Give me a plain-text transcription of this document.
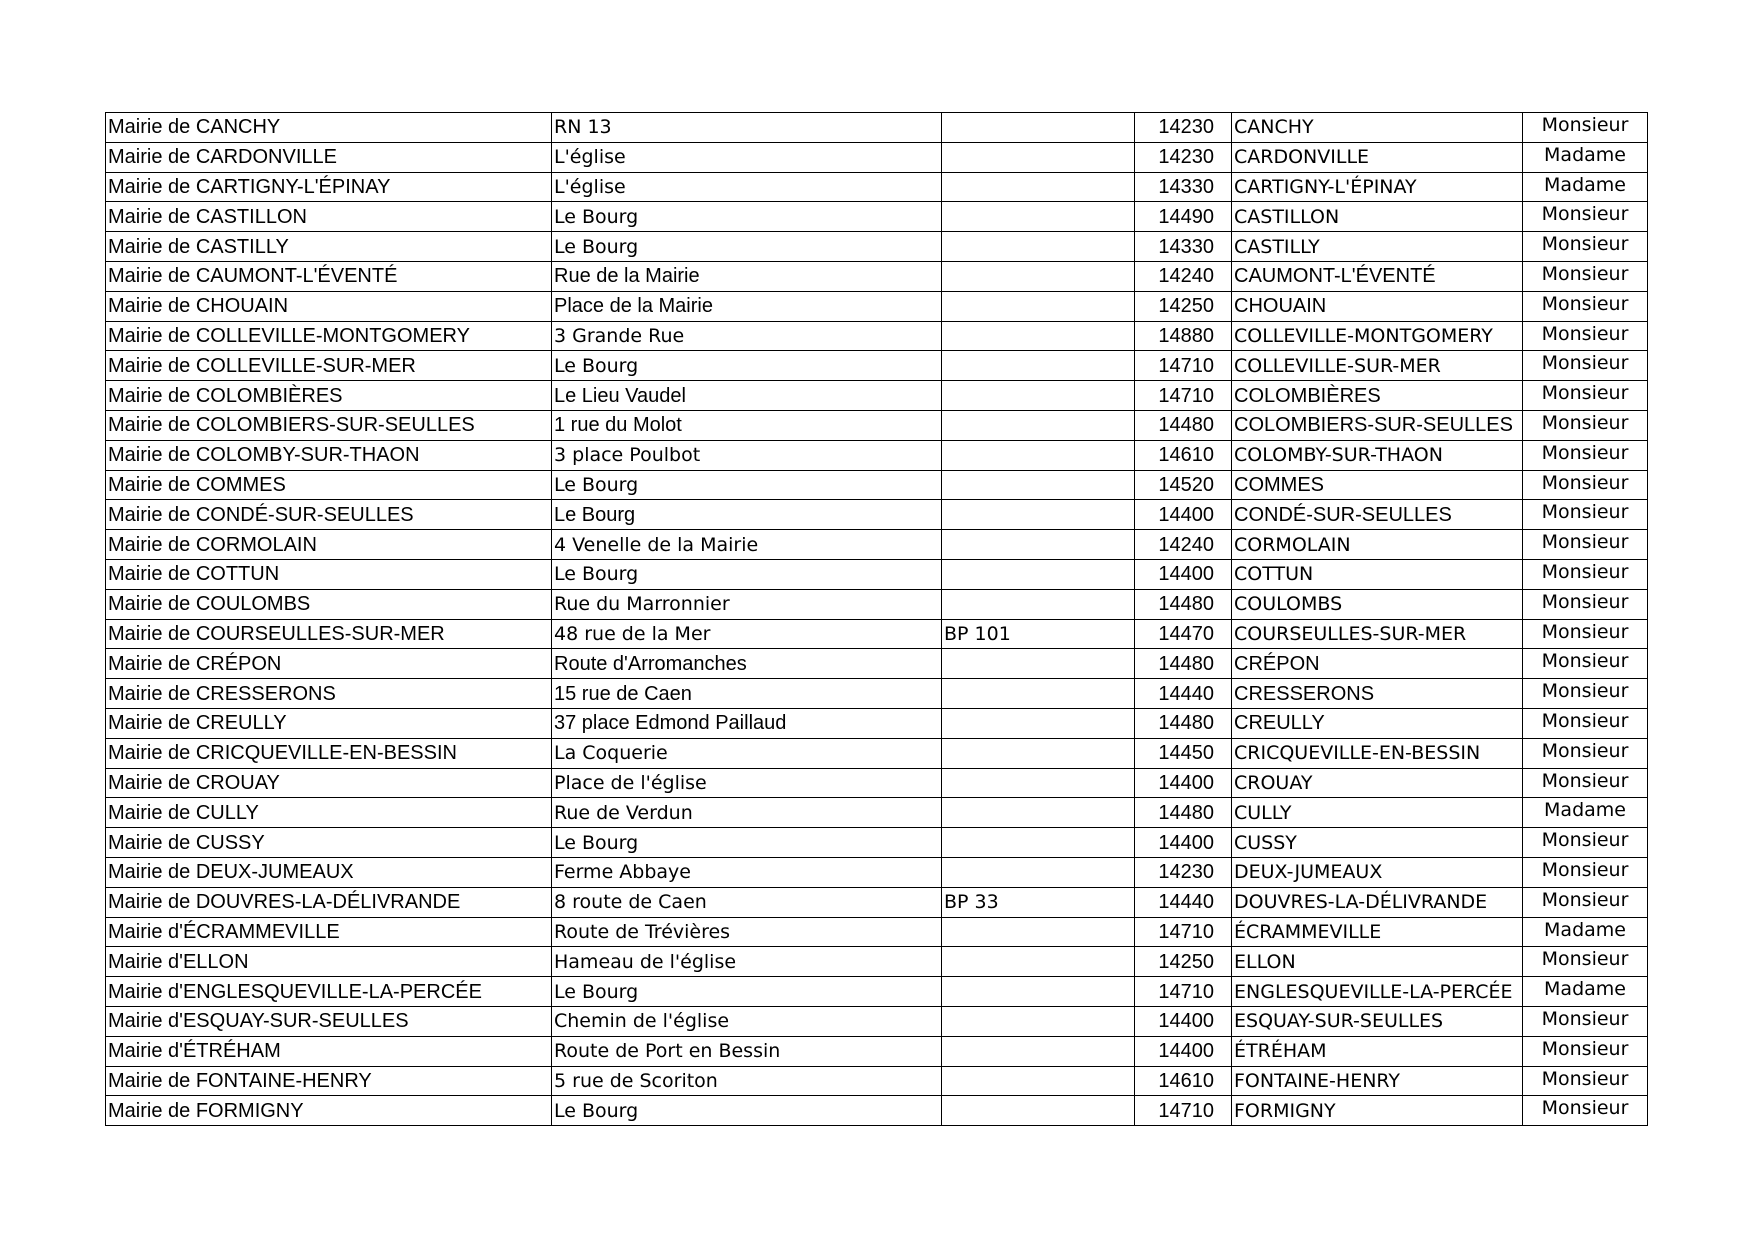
Mairie de CANCHY	RN 13		14230	CANCHY	Monsieur
Mairie de CARDONVILLE	L'église		14230	CARDONVILLE	Madame
Mairie de CARTIGNY-L'ÉPINAY	L'église		14330	CARTIGNY-L'ÉPINAY	Madame
Mairie de CASTILLON	Le Bourg		14490	CASTILLON	Monsieur
Mairie de CASTILLY	Le Bourg		14330	CASTILLY	Monsieur
Mairie de CAUMONT-L'ÉVENTÉ	Rue de la Mairie		14240	CAUMONT-L'ÉVENTÉ	Monsieur
Mairie de CHOUAIN	Place de la Mairie		14250	CHOUAIN	Monsieur
Mairie de COLLEVILLE-MONTGOMERY	3 Grande Rue		14880	COLLEVILLE-MONTGOMERY	Monsieur
Mairie de COLLEVILLE-SUR-MER	Le Bourg		14710	COLLEVILLE-SUR-MER	Monsieur
Mairie de COLOMBIÈRES	Le Lieu Vaudel		14710	COLOMBIÈRES	Monsieur
Mairie de COLOMBIERS-SUR-SEULLES	1 rue du Molot		14480	COLOMBIERS-SUR-SEULLES	Monsieur
Mairie de COLOMBY-SUR-THAON	3 place Poulbot		14610	COLOMBY-SUR-THAON	Monsieur
Mairie de COMMES	Le Bourg		14520	COMMES	Monsieur
Mairie de CONDÉ-SUR-SEULLES	Le Bourg		14400	CONDÉ-SUR-SEULLES	Monsieur
Mairie de CORMOLAIN	4 Venelle de la Mairie		14240	CORMOLAIN	Monsieur
Mairie de COTTUN	Le Bourg		14400	COTTUN	Monsieur
Mairie de COULOMBS	Rue du Marronnier		14480	COULOMBS	Monsieur
Mairie de COURSEULLES-SUR-MER	48 rue de la Mer	BP 101	14470	COURSEULLES-SUR-MER	Monsieur
Mairie de CRÉPON	Route d'Arromanches		14480	CRÉPON	Monsieur
Mairie de CRESSERONS	15 rue de Caen		14440	CRESSERONS	Monsieur
Mairie de CREULLY	37 place Edmond Paillaud		14480	CREULLY	Monsieur
Mairie de CRICQUEVILLE-EN-BESSIN	La Coquerie		14450	CRICQUEVILLE-EN-BESSIN	Monsieur
Mairie de CROUAY	Place de l'église		14400	CROUAY	Monsieur
Mairie de CULLY	Rue de Verdun		14480	CULLY	Madame
Mairie de CUSSY	Le Bourg		14400	CUSSY	Monsieur
Mairie de DEUX-JUMEAUX	Ferme Abbaye		14230	DEUX-JUMEAUX	Monsieur
Mairie de DOUVRES-LA-DÉLIVRANDE	8 route de Caen	BP 33	14440	DOUVRES-LA-DÉLIVRANDE	Monsieur
Mairie d'ÉCRAMMEVILLE	Route de Trévières		14710	ÉCRAMMEVILLE	Madame
Mairie d'ELLON	Hameau de l'église		14250	ELLON	Monsieur
Mairie d'ENGLESQUEVILLE-LA-PERCÉE	Le Bourg		14710	ENGLESQUEVILLE-LA-PERCÉE	Madame
Mairie d'ESQUAY-SUR-SEULLES	Chemin de l'église		14400	ESQUAY-SUR-SEULLES	Monsieur
Mairie d'ÉTRÉHAM	Route de Port en Bessin		14400	ÉTRÉHAM	Monsieur
Mairie de FONTAINE-HENRY	5 rue de Scoriton		14610	FONTAINE-HENRY	Monsieur
Mairie de FORMIGNY	Le Bourg		14710	FORMIGNY	Monsieur
